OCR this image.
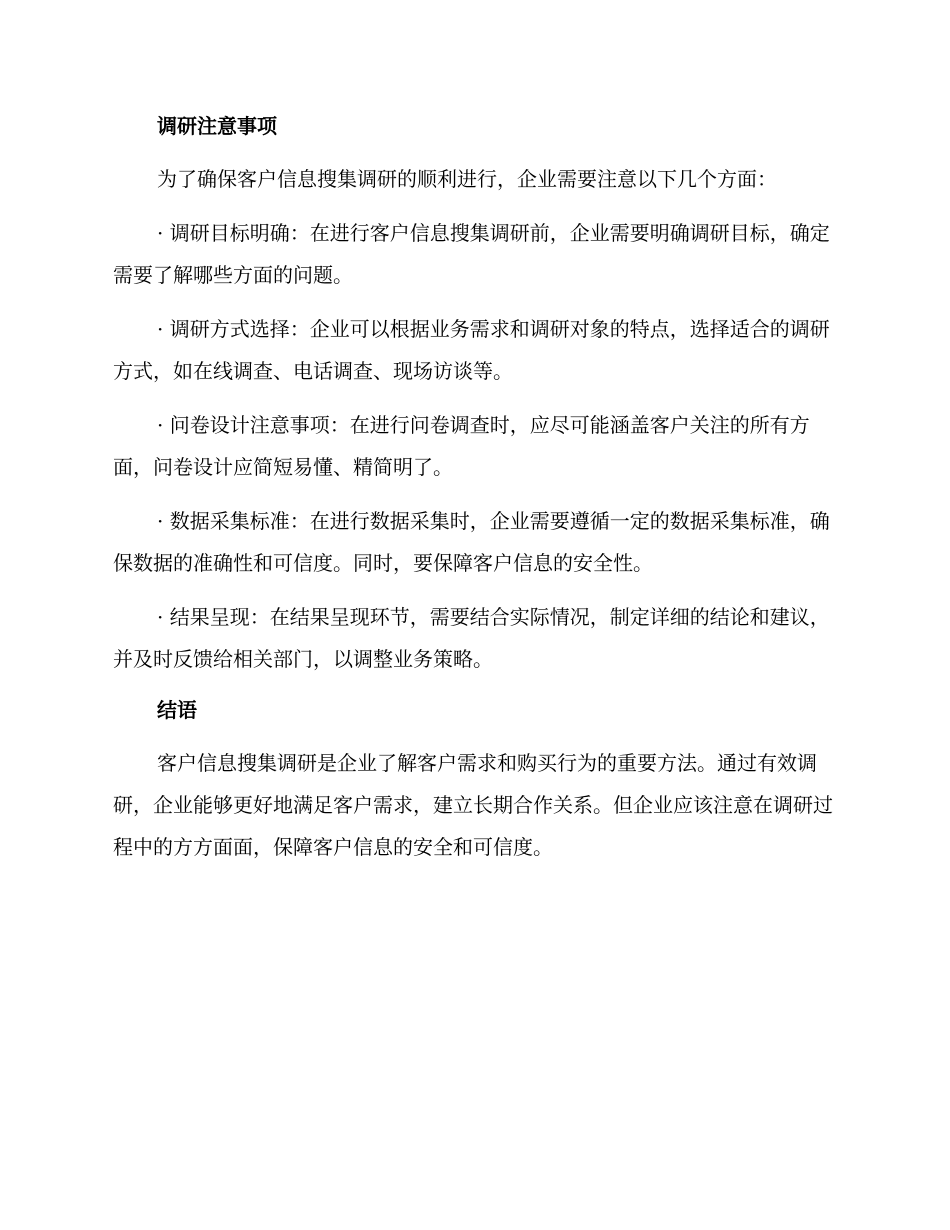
调研注意事项

为了确保客户信息搜集调研的顺利进行，企业需要注意以下几个方面：

· 调研目标明确：在进行客户信息搜集调研前，企业需要明确调研目标，确定需要了解哪些方面的问题。

· 调研方式选择：企业可以根据业务需求和调研对象的特点，选择适合的调研方式，如在线调查、电话调查、现场访谈等。

· 问卷设计注意事项：在进行问卷调查时，应尽可能涵盖客户关注的所有方面，问卷设计应简短易懂、精简明了。

· 数据采集标准：在进行数据采集时，企业需要遵循一定的数据采集标准，确保数据的准确性和可信度。同时，要保障客户信息的安全性。

· 结果呈现：在结果呈现环节，需要结合实际情况，制定详细的结论和建议，并及时反馈给相关部门，以调整业务策略。

结语

客户信息搜集调研是企业了解客户需求和购买行为的重要方法。通过有效调研，企业能够更好地满足客户需求，建立长期合作关系。但企业应该注意在调研过程中的方方面面，保障客户信息的安全和可信度。
